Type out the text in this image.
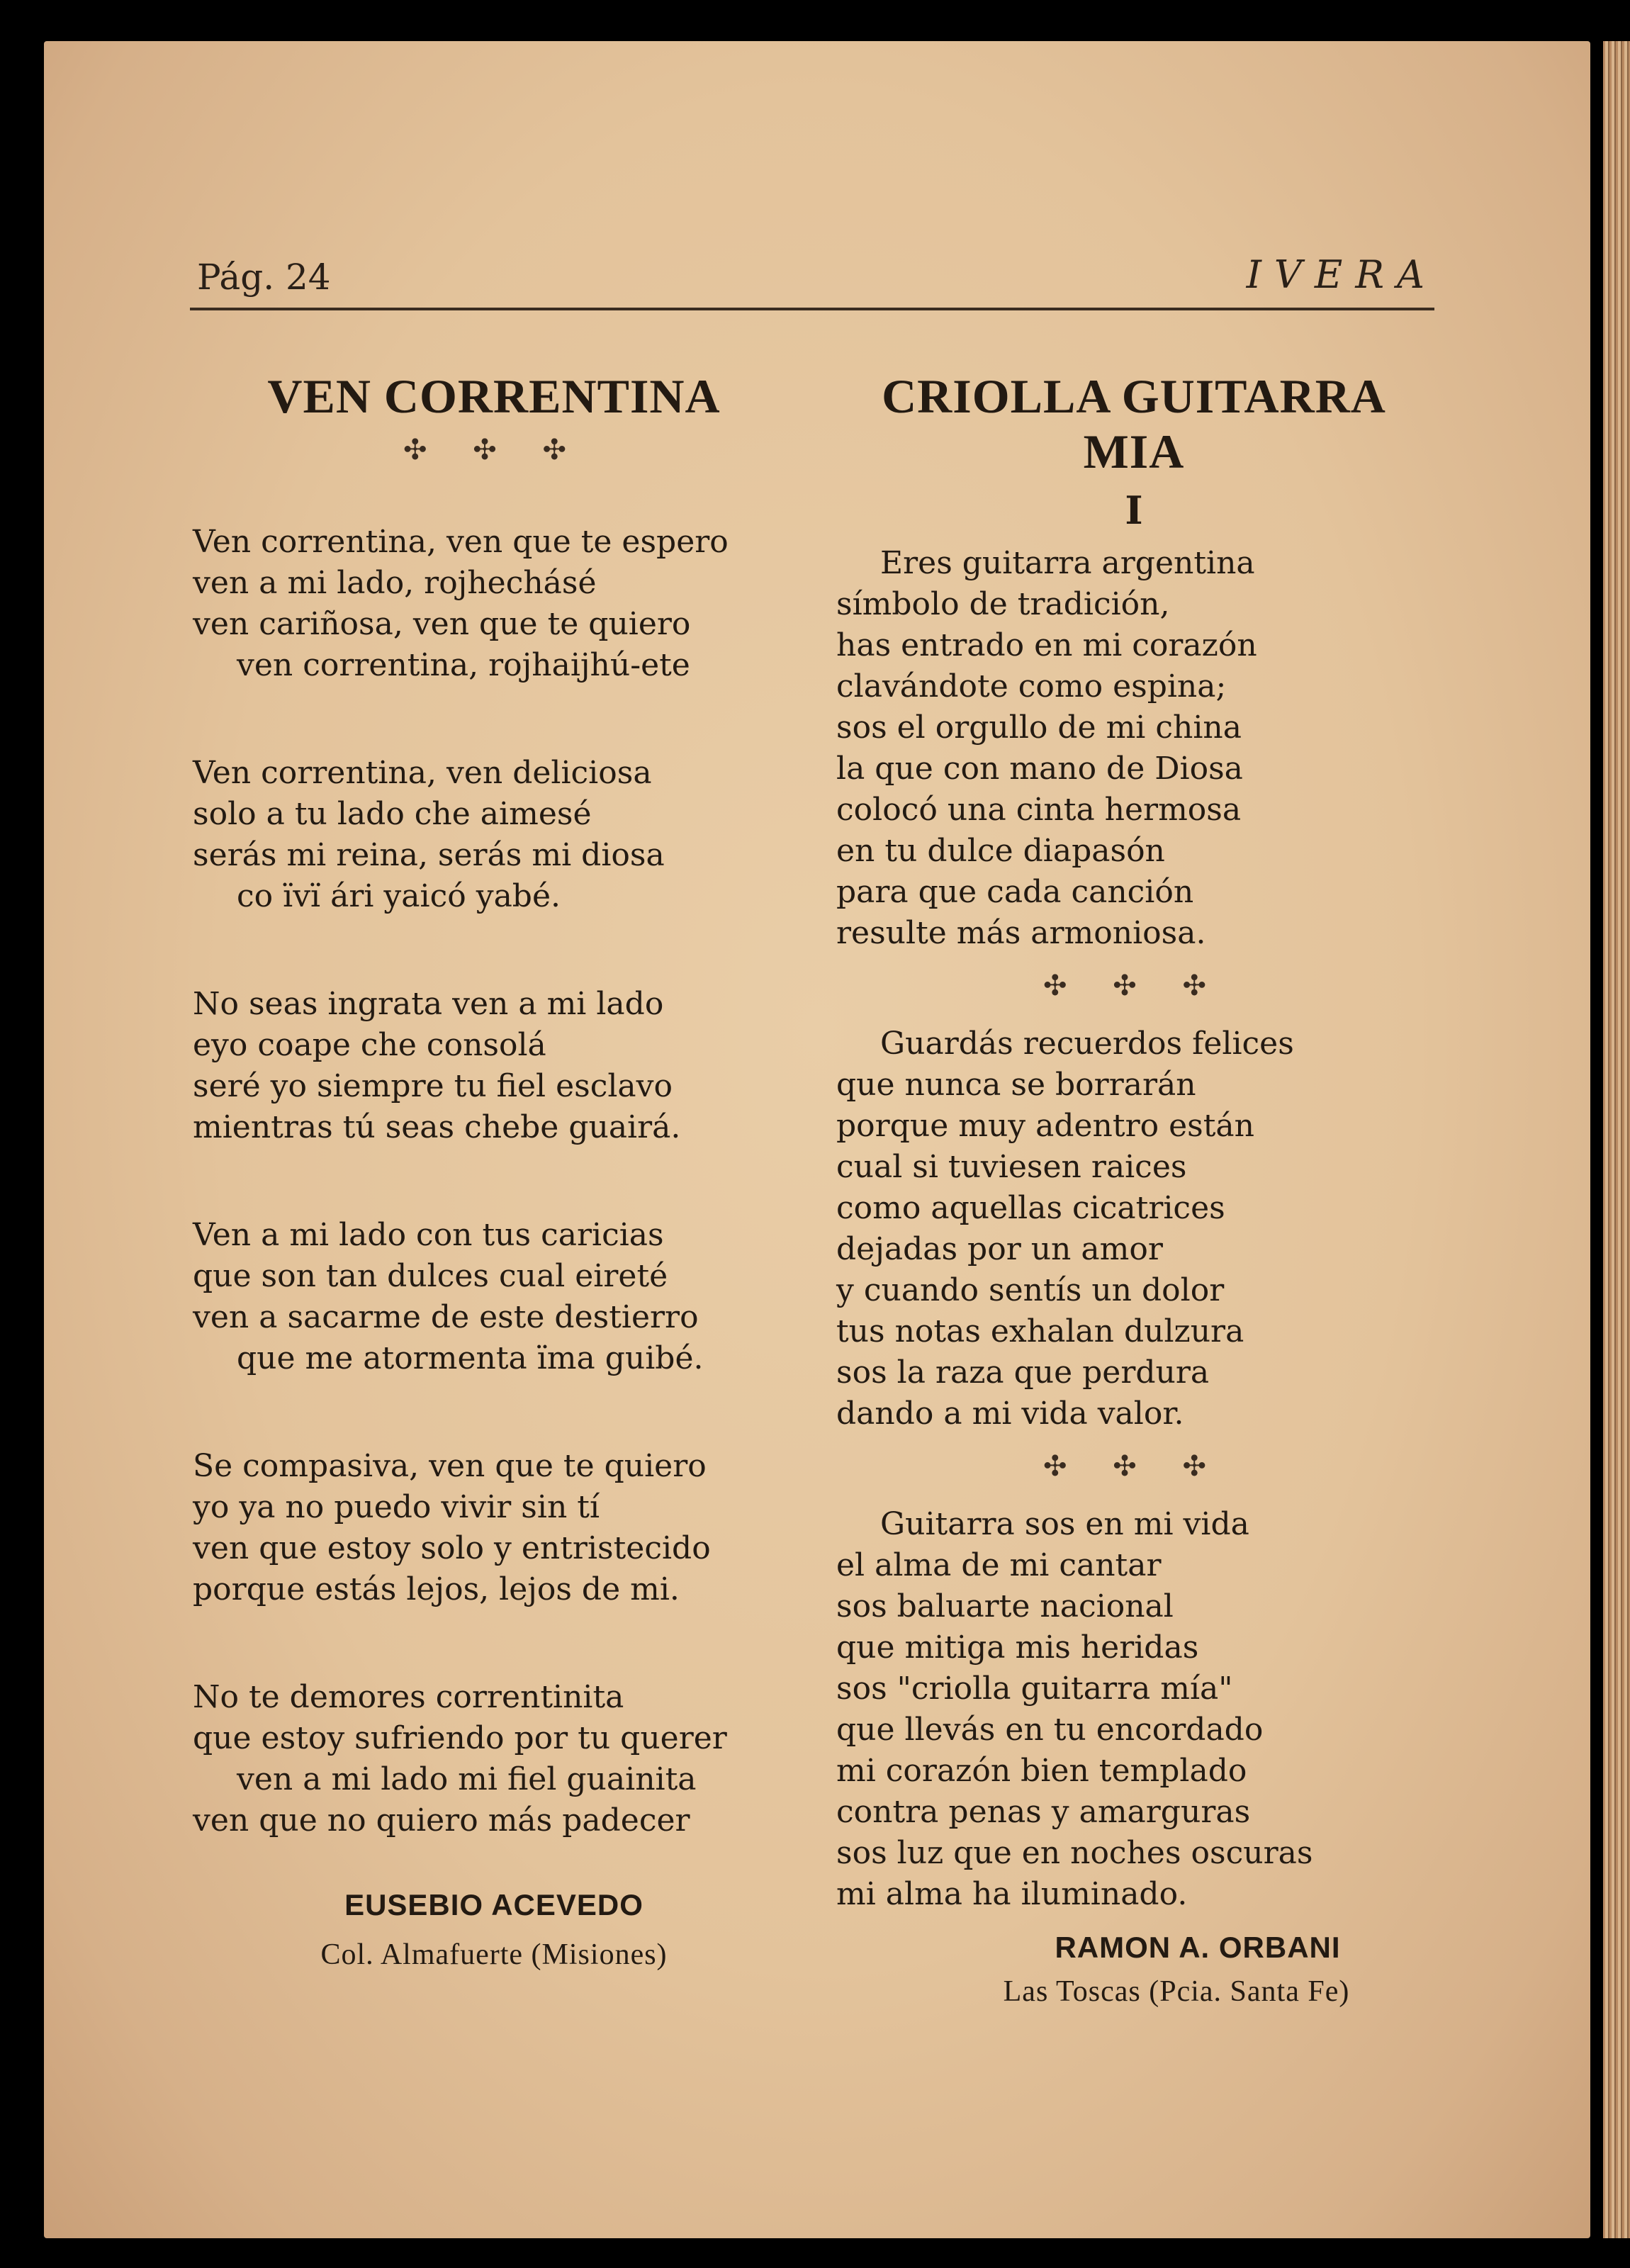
Pág. 24	IVERA
VEN CORRENTINA
✣ ✣ ✣
Ven correntina, ven que te espero
ven a mi lado, rojhechásé
ven cariñosa, ven que te quiero
ven correntina, rojhaijhú-ete
Ven correntina, ven deliciosa
solo a tu lado che aimesé
serás mi reina, serás mi diosa
co ïvï ári yaicó yabé.
No seas ingrata ven a mi lado
eyo coape che consolá
seré yo siempre tu fiel esclavo
mientras tú seas chebe guairá.
Ven a mi lado con tus caricias
que son tan dulces cual eireté
ven a sacarme de este destierro
que me atormenta ïma guibé.
Se compasiva, ven que te quiero
yo ya no puedo vivir sin tí
ven que estoy solo y entristecido
porque estás lejos, lejos de mi.
No te demores correntinita
que estoy sufriendo por tu querer
ven a mi lado mi fiel guainita
ven que no quiero más padecer
EUSEBIO ACEVEDO
Col. Almafuerte (Misiones)
CRIOLLA GUITARRA
MIA
I
Eres guitarra argentina
símbolo de tradición,
has entrado en mi corazón
clavándote como espina;
sos el orgullo de mi china
la que con mano de Diosa
colocó una cinta hermosa
en tu dulce diapasón
para que cada canción
resulte más armoniosa.
✣ ✣ ✣
Guardás recuerdos felices
que nunca se borrarán
porque muy adentro están
cual si tuviesen raices
como aquellas cicatrices
dejadas por un amor
y cuando sentís un dolor
tus notas exhalan dulzura
sos la raza que perdura
dando a mi vida valor.
✣ ✣ ✣
Guitarra sos en mi vida
el alma de mi cantar
sos baluarte nacional
que mitiga mis heridas
sos "criolla guitarra mía"
que llevás en tu encordado
mi corazón bien templado
contra penas y amarguras
sos luz que en noches oscuras
mi alma ha iluminado.
RAMON A. ORBANI
Las Toscas (Pcia. Santa Fe)
